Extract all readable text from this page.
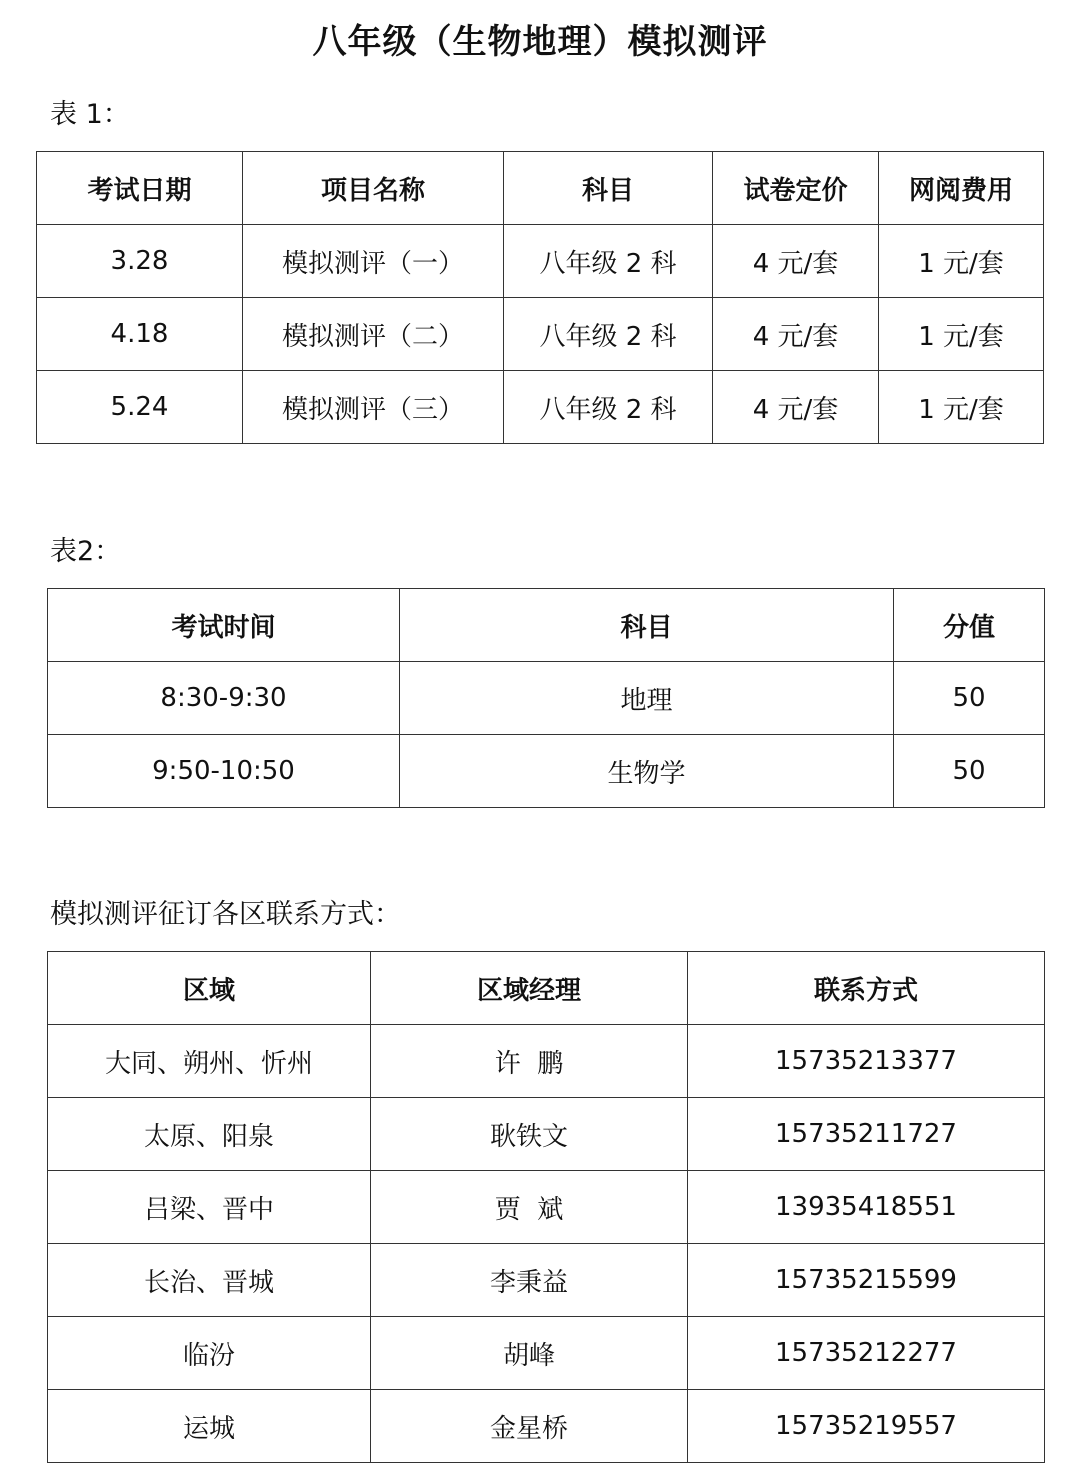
八年级（生物地理）模拟测评
表 1：
考试日期	项目名称	科目	试卷定价	网阅费用
3.28	模拟测评（一）	八年级 2 科	4 元/套	1 元/套
4.18	模拟测评（二）	八年级 2 科	4 元/套	1 元/套
5.24	模拟测评（三）	八年级 2 科	4 元/套	1 元/套
表2：
考试时间	科目	分值
8:30-9:30	地理	50
9:50-10:50	生物学	50
模拟测评征订各区联系方式：
区域	区域经理	联系方式
大同、朔州、忻州	许  鹏	15735213377
太原、阳泉	耿铁文	15735211727
吕梁、晋中	贾  斌	13935418551
长治、晋城	李秉益	15735215599
临汾	胡峰	15735212277
运城	金星桥	15735219557
